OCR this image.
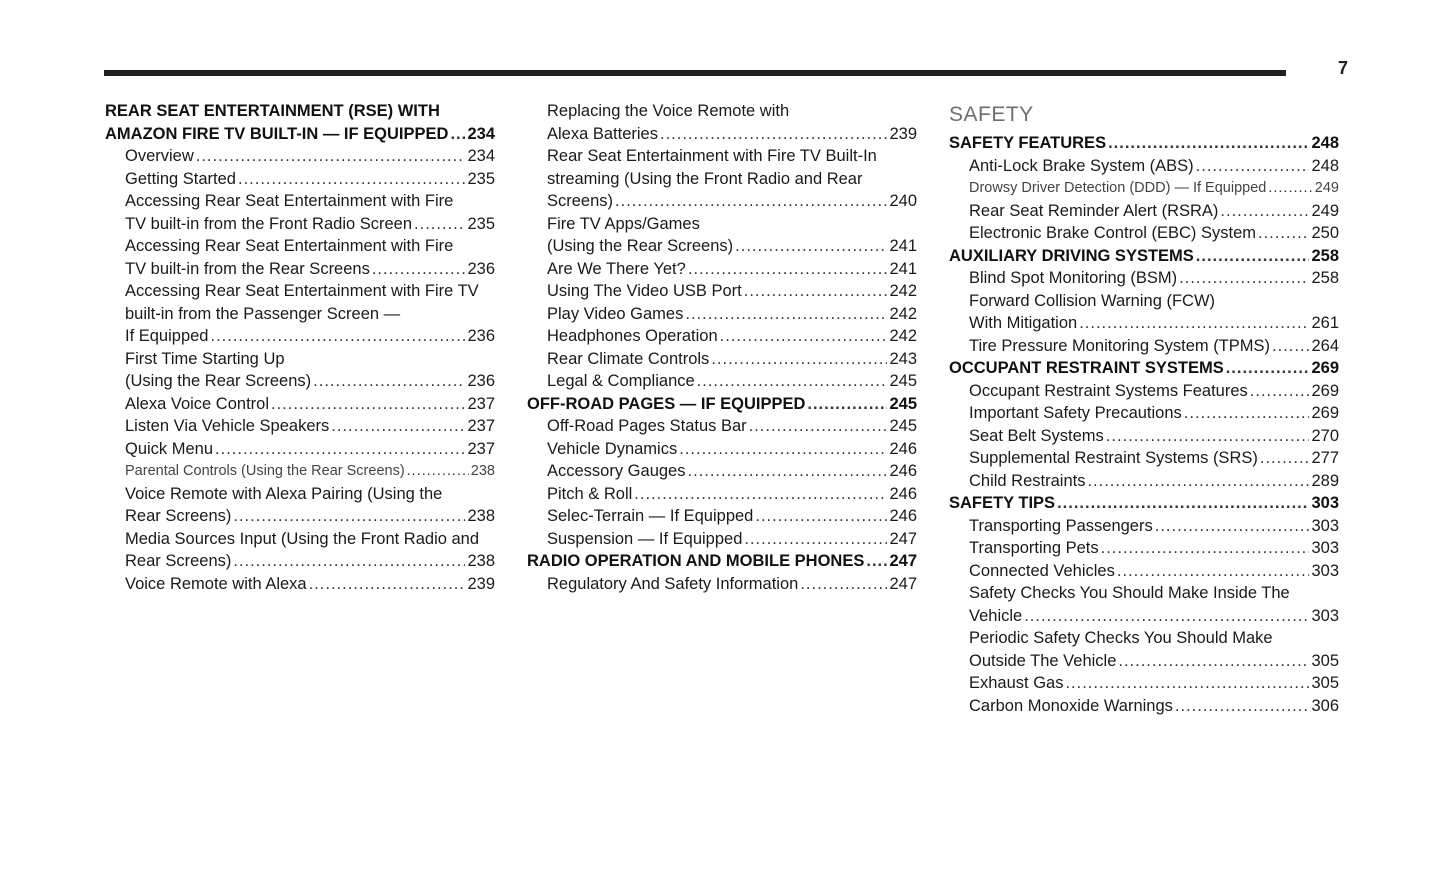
7
REAR SEAT ENTERTAINMENT (RSE) WITH
AMAZON FIRE TV BUILT-IN — IF EQUIPPED ..... 234
Overview .....	234
Getting Started .....	235
Accessing Rear Seat Entertainment with Fire
TV built-in from the Front Radio Screen .....	235
Accessing Rear Seat Entertainment with Fire
TV built-in from the Rear Screens .....	236
Accessing Rear Seat Entertainment with Fire TV
built-in from the Passenger Screen —
If Equipped .....	236
First Time Starting Up
(Using the Rear Screens) .....	236
Alexa Voice Control .....	237
Listen Via Vehicle Speakers .....	237
Quick Menu .....	237
Parental Controls (Using the Rear Screens) .....	238
Voice Remote with Alexa Pairing (Using the
Rear Screens) .....	238
Media Sources Input (Using the Front Radio and
Rear Screens) .....	238
Voice Remote with Alexa .....	239
Replacing the Voice Remote with
Alexa Batteries .....	239
Rear Seat Entertainment with Fire TV Built-In
streaming (Using the Front Radio and Rear
Screens) .....	240
Fire TV Apps/Games
(Using the Rear Screens) .....	241
Are We There Yet? .....	241
Using The Video USB Port .....	242
Play Video Games .....	242
Headphones Operation .....	242
Rear Climate Controls .....	243
Legal & Compliance .....	245
OFF-ROAD PAGES — IF EQUIPPED .....	245
Off-Road Pages Status Bar .....	245
Vehicle Dynamics .....	246
Accessory Gauges .....	246
Pitch & Roll .....	246
Selec-Terrain — If Equipped .....	246
Suspension — If Equipped .....	247
RADIO OPERATION AND MOBILE PHONES ..... 247
Regulatory And Safety Information .....	247
SAFETY
SAFETY FEATURES .....	248
Anti-Lock Brake System (ABS) .....	248
Drowsy Driver Detection (DDD) — If Equipped .....	249
Rear Seat Reminder Alert (RSRA) .....	249
Electronic Brake Control (EBC) System .....	250
AUXILIARY DRIVING SYSTEMS .....	258
Blind Spot Monitoring (BSM) .....	258
Forward Collision Warning (FCW)
With Mitigation .....	261
Tire Pressure Monitoring System (TPMS) .....	264
OCCUPANT RESTRAINT SYSTEMS .....	269
Occupant Restraint Systems Features .....	269
Important Safety Precautions .....	269
Seat Belt Systems .....	270
Supplemental Restraint Systems (SRS) .....	277
Child Restraints .....	289
SAFETY TIPS .....	303
Transporting Passengers .....	303
Transporting Pets .....	303
Connected Vehicles .....	303
Safety Checks You Should Make Inside The
Vehicle .....	303
Periodic Safety Checks You Should Make
Outside The Vehicle .....	305
Exhaust Gas .....	305
Carbon Monoxide Warnings .....	306
